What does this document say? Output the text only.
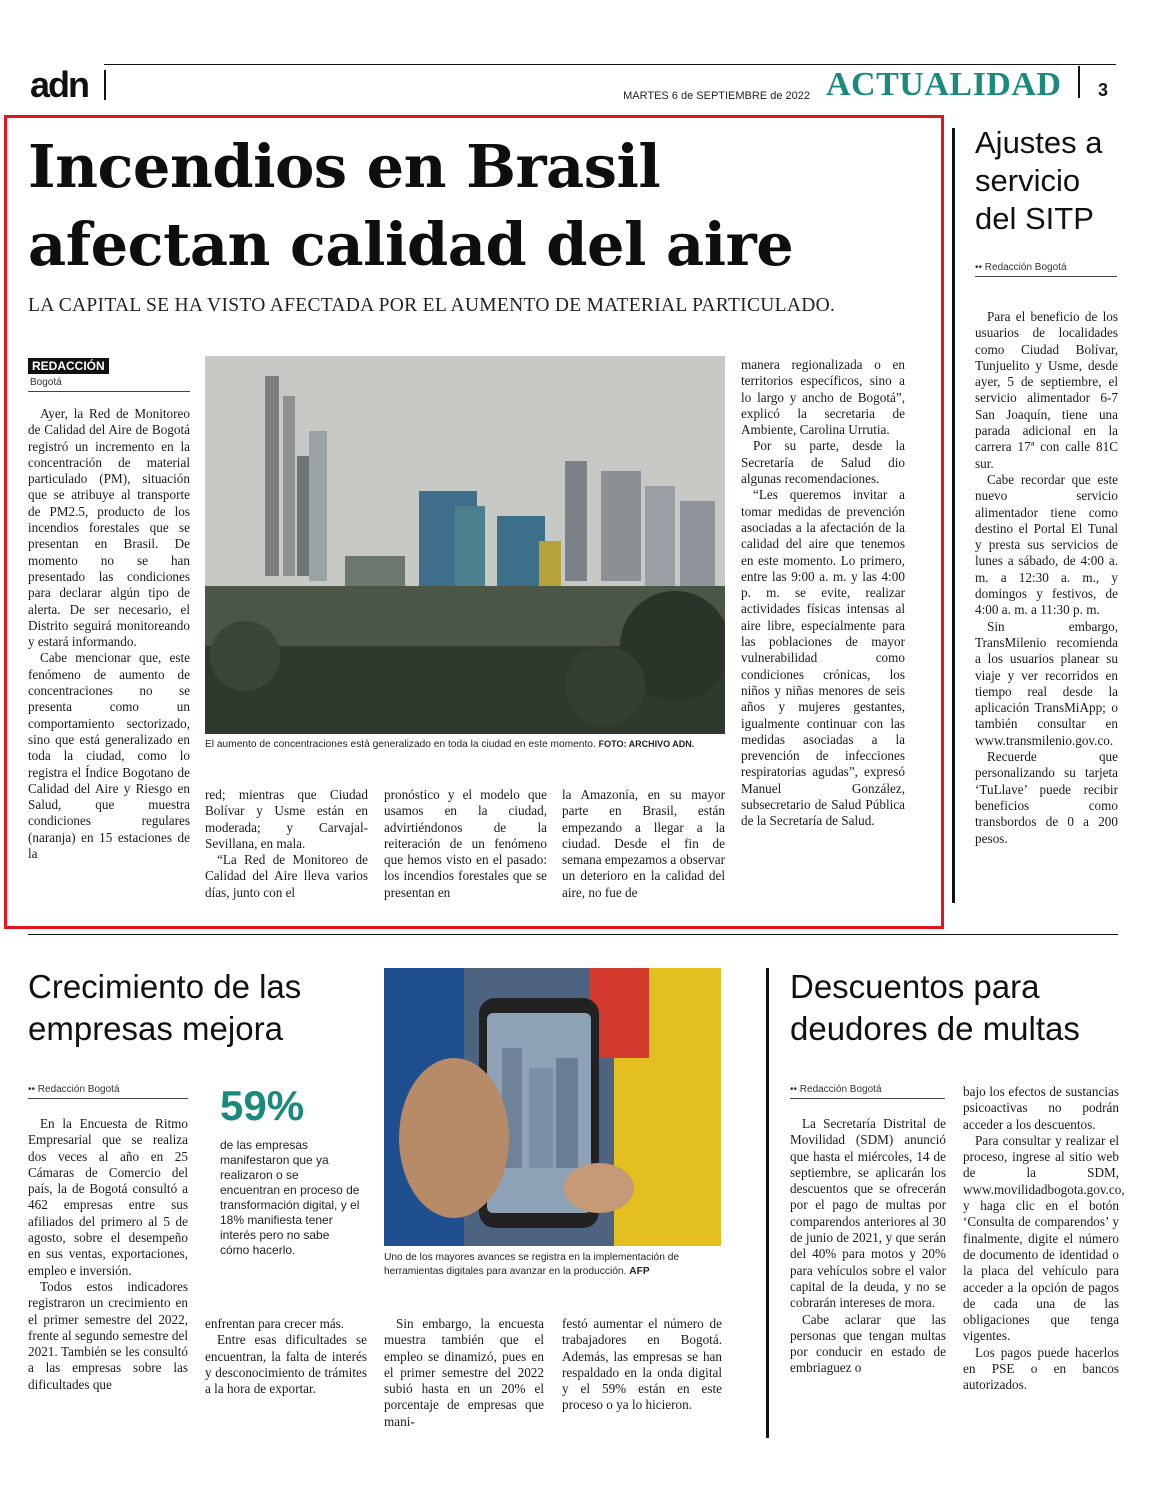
adn	MARTES 6 de SEPTIEMBRE de 2022 ACTUALIDAD 3
Incendios en Brasil
afectan calidad del aire
LA CAPITAL SE HA VISTO AFECTADA POR EL AUMENTO DE MATERIAL PARTICULADO.
REDACCIÓN
Bogotá

Ayer, la Red de Monitoreo de Calidad del Aire de Bogotá registró un incremento en la concentración de material particulado (PM), situación que se atribuye al transporte de PM2.5, producto de los incendios forestales que se presentan en Brasil. De momento no se han presentado las condiciones para declarar algún tipo de alerta. De ser necesario, el Distrito seguirá monitoreando y estará informando.

Cabe mencionar que, este fenómeno de aumento de concentraciones no se presenta como un comportamiento sectorizado, sino que está generalizado en toda la ciudad, como lo registra el Índice Bogotano de Calidad del Aire y Riesgo en Salud, que muestra condiciones regulares (naranja) en 15 estaciones de la

El aumento de concentraciones está generalizado en toda la ciudad en este momento. FOTO: ARCHIVO ADN.

red; mientras que Ciudad Bolívar y Usme están en moderada; y Carvajal-Sevillana, en mala.

“La Red de Monitoreo de Calidad del Aire lleva varios días, junto con el

pronóstico y el modelo que usamos en la ciudad, advirtiéndonos de la reiteración de un fenómeno que hemos visto en el pasado: los incendios forestales que se presentan en

la Amazonía, en su mayor parte en Brasil, están empezando a llegar a la ciudad. Desde el fin de semana empezamos a observar un deterioro en la calidad del aire, no fue de

manera regionalizada o en territorios específicos, sino a lo largo y ancho de Bogotá”, explicó la secretaria de Ambiente, Carolina Urrutia.

Por su parte, desde la Secretaría de Salud dio algunas recomendaciones.

“Les queremos invitar a tomar medidas de prevención asociadas a la afectación de la calidad del aire que tenemos en este momento. Lo primero, entre las 9:00 a. m. y las 4:00 p. m. se evite, realizar actividades físicas intensas al aire libre, especialmente para las poblaciones de mayor vulnerabilidad como condiciones crónicas, los niños y niñas menores de seis años y mujeres gestantes, igualmente continuar con las medidas asociadas a la prevención de infecciones respiratorias agudas”, expresó Manuel González, subsecretario de Salud Pública de la Secretaría de Salud.

Ajustes a servicio del SITP
•• Redacción Bogotá

Para el beneficio de los usuarios de localidades como Ciudad Bolívar, Tunjuelito y Usme, desde ayer, 5 de septiembre, el servicio alimentador 6-7 San Joaquín, tiene una parada adicional en la carrera 17ª con calle 81C sur.

Cabe recordar que este nuevo servicio alimentador tiene como destino el Portal El Tunal y presta sus servicios de lunes a sábado, de 4:00 a. m. a 12:30 a. m., y domingos y festivos, de 4:00 a. m. a 11:30 p. m.

Sin embargo, TransMilenio recomienda a los usuarios planear su viaje y ver recorridos en tiempo real desde la aplicación TransMiApp; o también consultar en www.transmilenio.gov.co.

Recuerde que personalizando su tarjeta ‘TuLlave’ puede recibir beneficios como transbordos de 0 a 200 pesos.

Crecimiento de las empresas mejora
•• Redacción Bogotá 59%
de las empresas manifestaron que ya realizaron o se encuentran en proceso de transformación digital, y el 18% manifiesta tener interés pero no sabe cómo hacerlo.

En la Encuesta de Ritmo Empresarial que se realiza dos veces al año en 25 Cámaras de Comercio del país, la de Bogotá consultó a 462 empresas entre sus afiliados del primero al 5 de agosto, sobre el desempeño en sus ventas, exportaciones, empleo e inversión.

Todos estos indicadores registraron un crecimiento en el primer semestre del 2022, frente al segundo semestre del 2021. También se les consultó a las empresas sobre las dificultades que

Uno de los mayores avances se registra en la implementación de herramientas digitales para avanzar en la producción. AFP

enfrentan para crecer más.

Entre esas dificultades se encuentran, la falta de interés y desconocimiento de trámites a la hora de exportar.

Sin embargo, la encuesta muestra también que el empleo se dinamizó, pues en el primer semestre del 2022 subió hasta en un 20% el porcentaje de empresas que mani-

festó aumentar el número de trabajadores en Bogotá. Además, las empresas se han respaldado en la onda digital y el 59% están en este proceso o ya lo hicieron.

Descuentos para deudores de multas
•• Redacción Bogotá

La Secretaría Distrital de Movilidad (SDM) anunció que hasta el miércoles, 14 de septiembre, se aplicarán los descuentos que se ofrecerán por el pago de multas por comparendos anteriores al 30 de junio de 2021, y que serán del 40% para motos y 20% para vehículos sobre el valor capital de la deuda, y no se cobrarán intereses de mora.

Cabe aclarar que las personas que tengan multas por conducir en estado de embriaguez o

bajo los efectos de sustancias psicoactivas no podrán acceder a los descuentos.

Para consultar y realizar el proceso, ingrese al sitio web de la SDM, www.movilidadbogota.gov.co, y haga clic en el botón ‘Consulta de comparendos’ y finalmente, digite el número de documento de identidad o la placa del vehículo para acceder a la opción de pagos de cada una de las obligaciones que tenga vigentes.

Los pagos puede hacerlos en PSE o en bancos autorizados.
